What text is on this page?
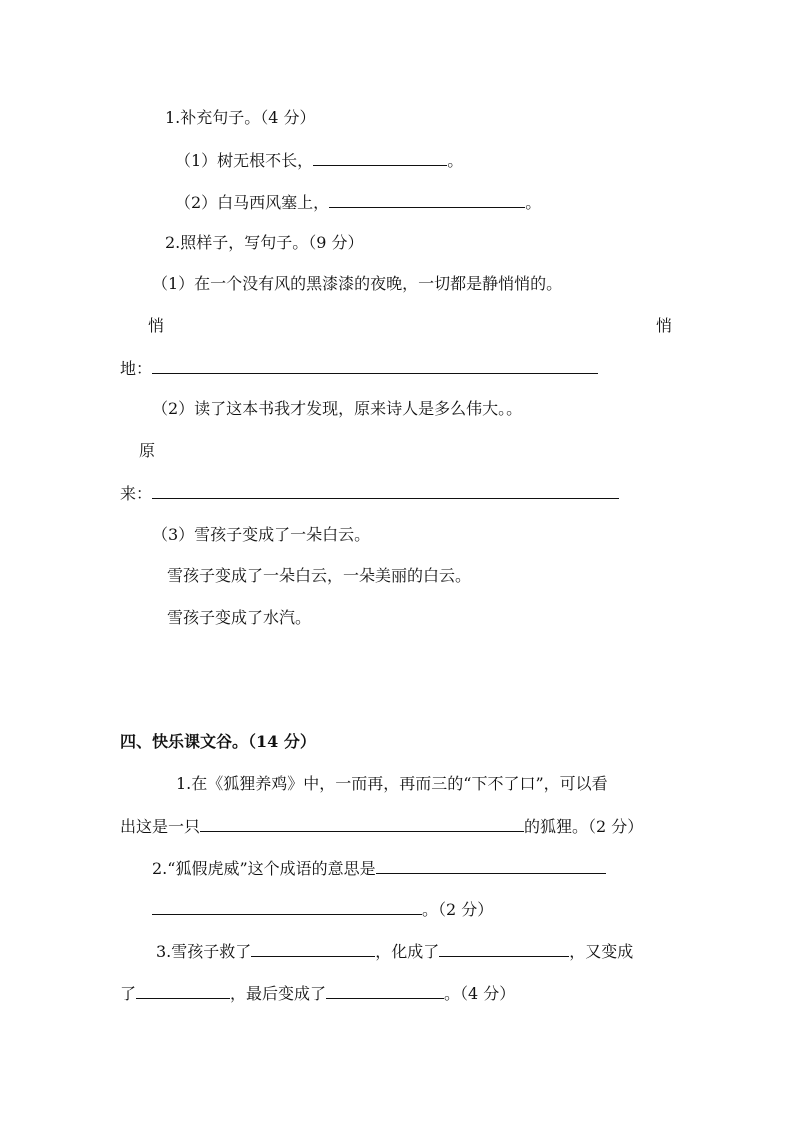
1.补充句子。（4 分）
（1）树无根不长，	。
（2）白马西风塞上，	。
2.照样子，写句子。（9 分）
（1）在一个没有风的黑漆漆的夜晚，一切都是静悄悄的。
悄	悄
地：
（2）读了这本书我才发现，原来诗人是多么伟大。。
原
来：
（3）雪孩子变成了一朵白云。
雪孩子变成了一朵白云，一朵美丽的白云。
雪孩子变成了水汽。
四、快乐课文谷。（14 分）
1.在《狐狸养鸡》中，一而再，再而三的“下不了口”，可以看
出这是一只	的狐狸。（2 分）
2.“狐假虎威”这个成语的意思是
。（2 分）
3.雪孩子救了	，化成了	，又变成
了	，最后变成了	。（4 分）
